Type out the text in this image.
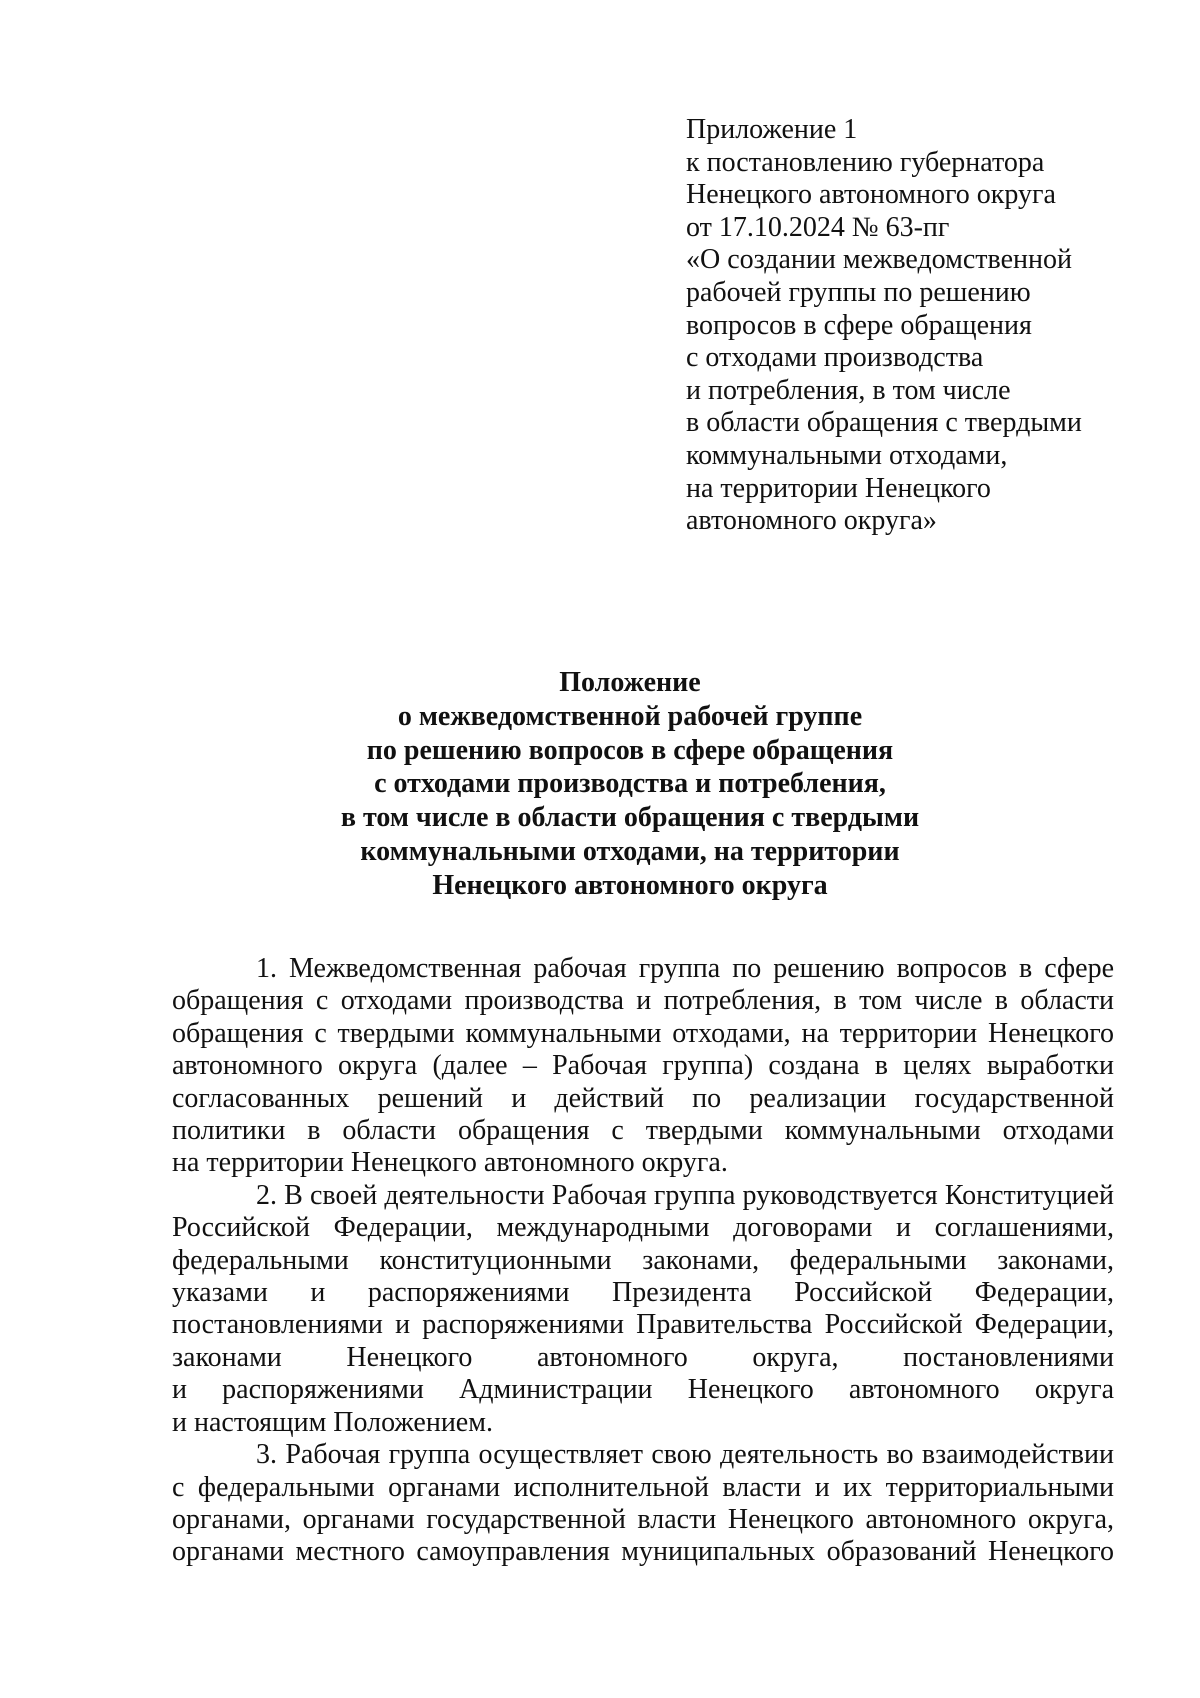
Приложение 1
к постановлению губернатора
Ненецкого автономного округа
от 17.10.2024 № 63-пг
«О создании межведомственной
рабочей группы по решению
вопросов в сфере обращения
с отходами производства
и потребления, в том числе
в области обращения с твердыми
коммунальными отходами,
на территории Ненецкого
автономного округа»
Положение
о межведомственной рабочей группе
по решению вопросов в сфере обращения
с отходами производства и потребления,
в том числе в области обращения с твердыми
коммунальными отходами, на территории
Ненецкого автономного округа
1. Межведомственная рабочая группа по решению вопросов в сфере
обращения с отходами производства и потребления, в том числе в области
обращения с твердыми коммунальными отходами, на территории Ненецкого
автономного округа (далее – Рабочая группа) создана в целях выработки
согласованных решений и действий по реализации государственной
политики в области обращения с твердыми коммунальными отходами
на территории Ненецкого автономного округа.
2. В своей деятельности Рабочая группа руководствуется Конституцией
Российской Федерации, международными договорами и соглашениями,
федеральными конституционными законами, федеральными законами,
указами и распоряжениями Президента Российской Федерации,
постановлениями и распоряжениями Правительства Российской Федерации,
законами Ненецкого автономного округа, постановлениями
и распоряжениями Администрации Ненецкого автономного округа
и настоящим Положением.
3. Рабочая группа осуществляет свою деятельность во взаимодействии
с федеральными органами исполнительной власти и их территориальными
органами, органами государственной власти Ненецкого автономного округа,
органами местного самоуправления муниципальных образований Ненецкого
